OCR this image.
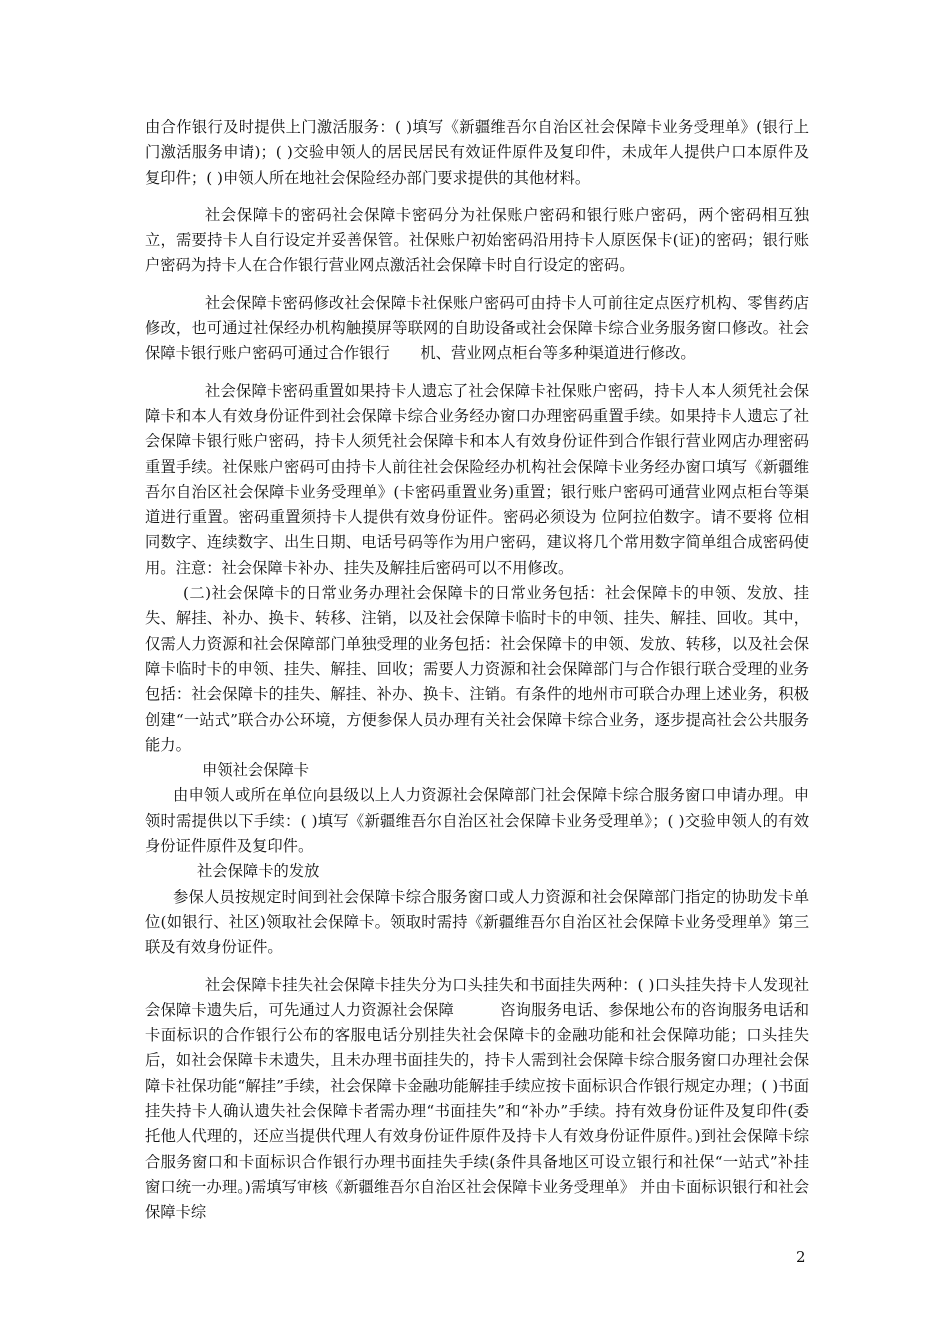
由合作银行及时提供上门激活服务：( )填写《新疆维吾尔自治区社会保障卡业务受理单》(银行上门激活服务申请)；( )交验申领人的居民居民有效证件原件及复印件，未成年人提供户口本原件及复印件；( )申领人所在地社会保险经办部门要求提供的其他材料。

社会保障卡的密码社会保障卡密码分为社保账户密码和银行账户密码，两个密码相互独立，需要持卡人自行设定并妥善保管。社保账户初始密码沿用持卡人原医保卡(证)的密码；银行账户密码为持卡人在合作银行营业网点激活社会保障卡时自行设定的密码。

社会保障卡密码修改社会保障卡社保账户密码可由持卡人可前往定点医疗机构、零售药店修改，也可通过社保经办机构触摸屏等联网的自助设备或社会保障卡综合业务服务窗口修改。社会保障卡银行账户密码可通过合作银行　　机、营业网点柜台等多种渠道进行修改。

社会保障卡密码重置如果持卡人遗忘了社会保障卡社保账户密码，持卡人本人须凭社会保障卡和本人有效身份证件到社会保障卡综合业务经办窗口办理密码重置手续。如果持卡人遗忘了社会保障卡银行账户密码，持卡人须凭社会保障卡和本人有效身份证件到合作银行营业网店办理密码重置手续。社保账户密码可由持卡人前往社会保险经办机构社会保障卡业务经办窗口填写《新疆维吾尔自治区社会保障卡业务受理单》(卡密码重置业务)重置；银行账户密码可通营业网点柜台等渠道进行重置。密码重置须持卡人提供有效身份证件。密码必须设为 位阿拉伯数字。请不要将 位相同数字、连续数字、出生日期、电话号码等作为用户密码，建议将几个常用数字简单组合成密码使用。注意：社会保障卡补办、挂失及解挂后密码可以不用修改。

(二)社会保障卡的日常业务办理社会保障卡的日常业务包括：社会保障卡的申领、发放、挂失、解挂、补办、换卡、转移、注销，以及社会保障卡临时卡的申领、挂失、解挂、回收。其中，仅需人力资源和社会保障部门单独受理的业务包括：社会保障卡的申领、发放、转移，以及社会保障卡临时卡的申领、挂失、解挂、回收；需要人力资源和社会保障部门与合作银行联合受理的业务包括：社会保障卡的挂失、解挂、补办、换卡、注销。有条件的地州市可联合办理上述业务，积极创建“一站式”联合办公环境，方便参保人员办理有关社会保障卡综合业务，逐步提高社会公共服务能力。

申领社会保障卡

由申领人或所在单位向县级以上人力资源社会保障部门社会保障卡综合服务窗口申请办理。申领时需提供以下手续：( )填写《新疆维吾尔自治区社会保障卡业务受理单》；( )交验申领人的有效身份证件原件及复印件。

社会保障卡的发放

参保人员按规定时间到社会保障卡综合服务窗口或人力资源和社会保障部门指定的协助发卡单位(如银行、社区)领取社会保障卡。领取时需持《新疆维吾尔自治区社会保障卡业务受理单》第三联及有效身份证件。

社会保障卡挂失社会保障卡挂失分为口头挂失和书面挂失两种：( )口头挂失持卡人发现社会保障卡遗失后，可先通过人力资源社会保障　　　咨询服务电话、参保地公布的咨询服务电话和卡面标识的合作银行公布的客服电话分别挂失社会保障卡的金融功能和社会保障功能；口头挂失后，如社会保障卡未遗失，且未办理书面挂失的，持卡人需到社会保障卡综合服务窗口办理社会保障卡社保功能“解挂”手续，社会保障卡金融功能解挂手续应按卡面标识合作银行规定办理；( )书面挂失持卡人确认遗失社会保障卡者需办理“书面挂失”和“补办”手续。持有效身份证件及复印件(委托他人代理的，还应当提供代理人有效身份证件原件及持卡人有效身份证件原件。)到社会保障卡综合服务窗口和卡面标识合作银行办理书面挂失手续(条件具备地区可设立银行和社保“一站式”补挂窗口统一办理。)需填写审核《新疆维吾尔自治区社会保障卡业务受理单》 并由卡面标识银行和社会保障卡综

2
